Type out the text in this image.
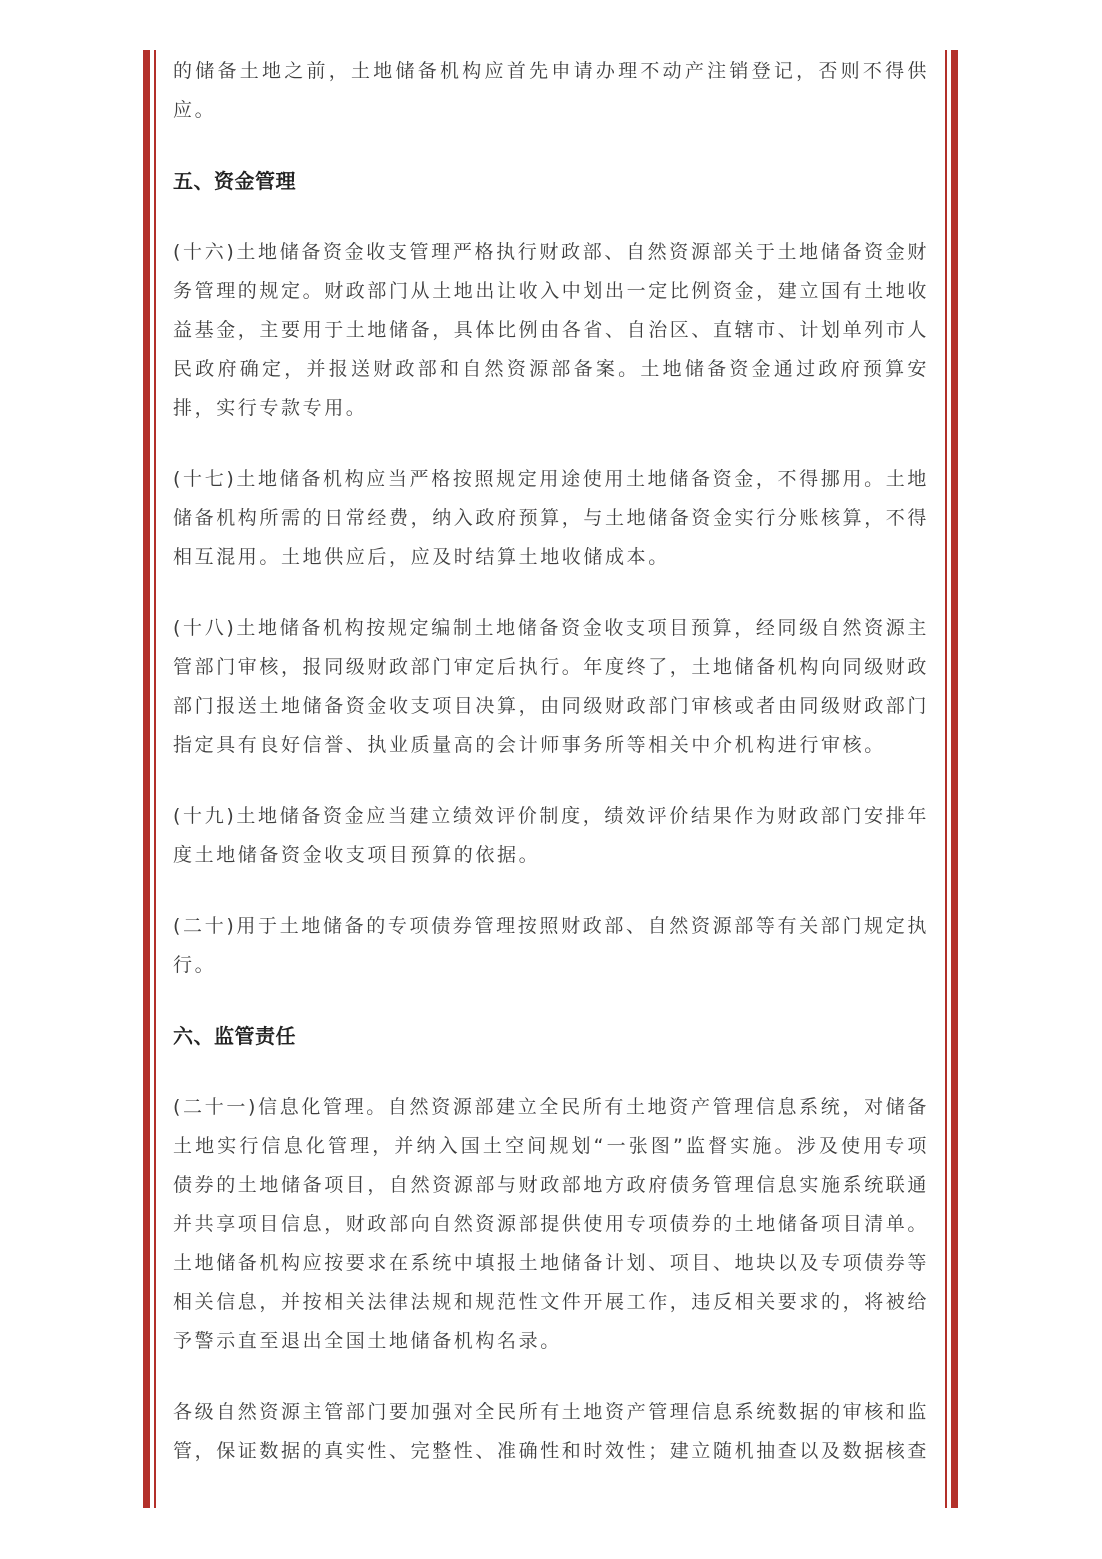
的储备土地之前，土地储备机构应首先申请办理不动产注销登记，否则不得供应。

五、资金管理

(十六)土地储备资金收支管理严格执行财政部、自然资源部关于土地储备资金财务管理的规定。财政部门从土地出让收入中划出一定比例资金，建立国有土地收益基金，主要用于土地储备，具体比例由各省、自治区、直辖市、计划单列市人民政府确定，并报送财政部和自然资源部备案。土地储备资金通过政府预算安排，实行专款专用。

(十七)土地储备机构应当严格按照规定用途使用土地储备资金，不得挪用。土地储备机构所需的日常经费，纳入政府预算，与土地储备资金实行分账核算，不得相互混用。土地供应后，应及时结算土地收储成本。

(十八)土地储备机构按规定编制土地储备资金收支项目预算，经同级自然资源主管部门审核，报同级财政部门审定后执行。年度终了，土地储备机构向同级财政部门报送土地储备资金收支项目决算，由同级财政部门审核或者由同级财政部门指定具有良好信誉、执业质量高的会计师事务所等相关中介机构进行审核。

(十九)土地储备资金应当建立绩效评价制度，绩效评价结果作为财政部门安排年度土地储备资金收支项目预算的依据。

(二十)用于土地储备的专项债券管理按照财政部、自然资源部等有关部门规定执行。

六、监管责任

(二十一)信息化管理。自然资源部建立全民所有土地资产管理信息系统，对储备土地实行信息化管理，并纳入国土空间规划“一张图”监督实施。涉及使用专项债券的土地储备项目，自然资源部与财政部地方政府债务管理信息实施系统联通并共享项目信息，财政部向自然资源部提供使用专项债券的土地储备项目清单。土地储备机构应按要求在系统中填报土地储备计划、项目、地块以及专项债券等相关信息，并按相关法律法规和规范性文件开展工作，违反相关要求的，将被给予警示直至退出全国土地储备机构名录。

各级自然资源主管部门要加强对全民所有土地资产管理信息系统数据的审核和监管，保证数据的真实性、完整性、准确性和时效性；建立随机抽查以及数据核查
